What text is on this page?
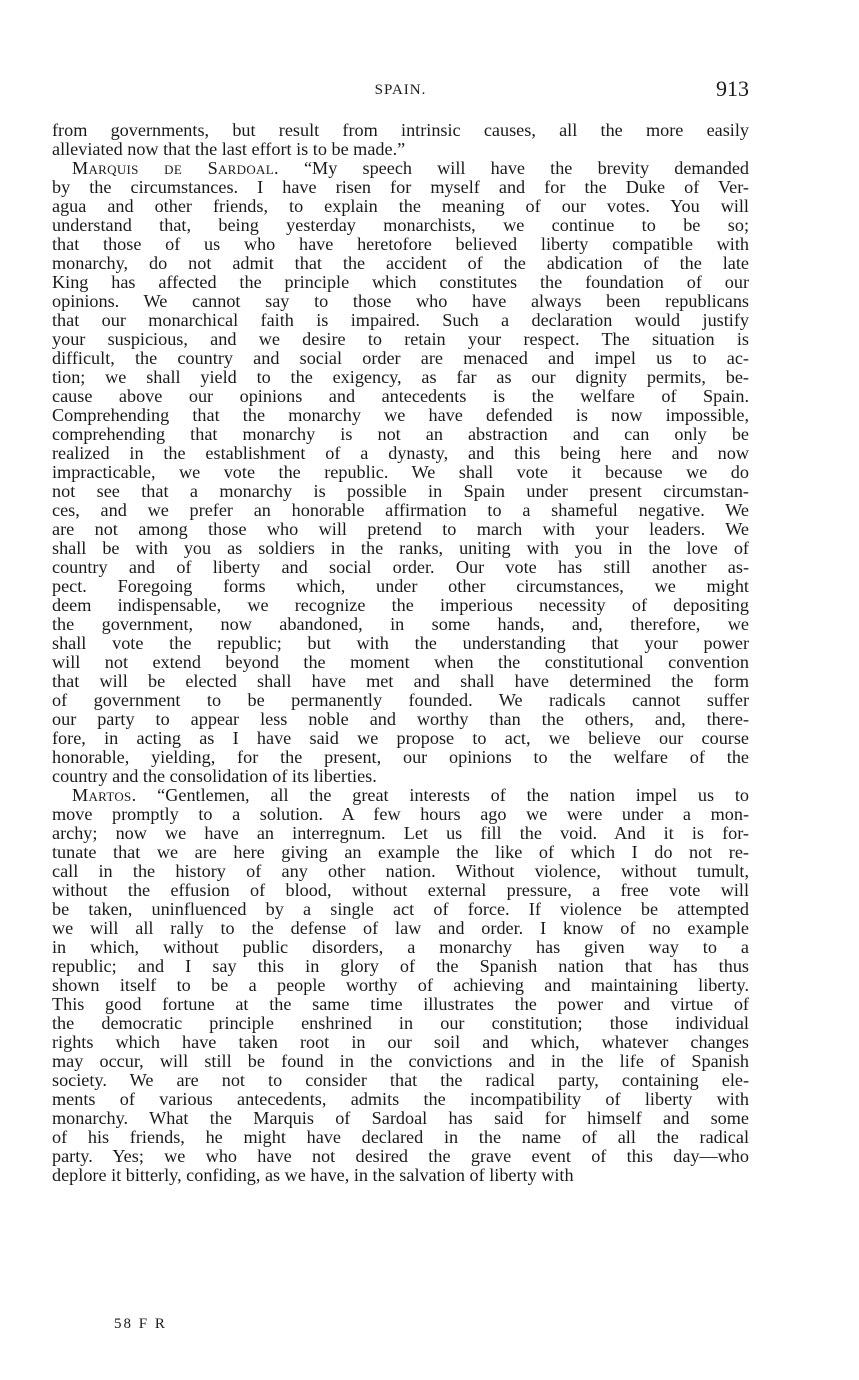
SPAIN.	913
from governments, but result from intrinsic causes, all the more easily
alleviated now that the last effort is to be made.”
Marquis de Sardoal. “My speech will have the brevity demanded
by the circumstances. I have risen for myself and for the Duke of Ver-
agua and other friends, to explain the meaning of our votes. You will
understand that, being yesterday monarchists, we continue to be so;
that those of us who have heretofore believed liberty compatible with
monarchy, do not admit that the accident of the abdication of the late
King has affected the principle which constitutes the foundation of our
opinions. We cannot say to those who have always been republicans
that our monarchical faith is impaired. Such a declaration would justify
your suspicious, and we desire to retain your respect. The situation is
difficult, the country and social order are menaced and impel us to ac-
tion; we shall yield to the exigency, as far as our dignity permits, be-
cause above our opinions and antecedents is the welfare of Spain.
Comprehending that the monarchy we have defended is now impossible,
comprehending that monarchy is not an abstraction and can only be
realized in the establishment of a dynasty, and this being here and now
impracticable, we vote the republic. We shall vote it because we do
not see that a monarchy is possible in Spain under present circumstan-
ces, and we prefer an honorable affirmation to a shameful negative. We
are not among those who will pretend to march with your leaders. We
shall be with you as soldiers in the ranks, uniting with you in the love of
country and of liberty and social order. Our vote has still another as-
pect. Foregoing forms which, under other circumstances, we might
deem indispensable, we recognize the imperious necessity of depositing
the government, now abandoned, in some hands, and, therefore, we
shall vote the republic; but with the understanding that your power
will not extend beyond the moment when the constitutional convention
that will be elected shall have met and shall have determined the form
of government to be permanently founded. We radicals cannot suffer
our party to appear less noble and worthy than the others, and, there-
fore, in acting as I have said we propose to act, we believe our course
honorable, yielding, for the present, our opinions to the welfare of the
country and the consolidation of its liberties.
Martos. “Gentlemen, all the great interests of the nation impel us to
move promptly to a solution. A few hours ago we were under a mon-
archy; now we have an interregnum. Let us fill the void. And it is for-
tunate that we are here giving an example the like of which I do not re-
call in the history of any other nation. Without violence, without tumult,
without the effusion of blood, without external pressure, a free vote will
be taken, uninfluenced by a single act of force. If violence be attempted
we will all rally to the defense of law and order. I know of no example
in which, without public disorders, a monarchy has given way to a
republic; and I say this in glory of the Spanish nation that has thus
shown itself to be a people worthy of achieving and maintaining liberty.
This good fortune at the same time illustrates the power and virtue of
the democratic principle enshrined in our constitution; those individual
rights which have taken root in our soil and which, whatever changes
may occur, will still be found in the convictions and in the life of Spanish
society. We are not to consider that the radical party, containing ele-
ments of various antecedents, admits the incompatibility of liberty with
monarchy. What the Marquis of Sardoal has said for himself and some
of his friends, he might have declared in the name of all the radical
party. Yes; we who have not desired the grave event of this day—who
deplore it bitterly, confiding, as we have, in the salvation of liberty with
58 F R
